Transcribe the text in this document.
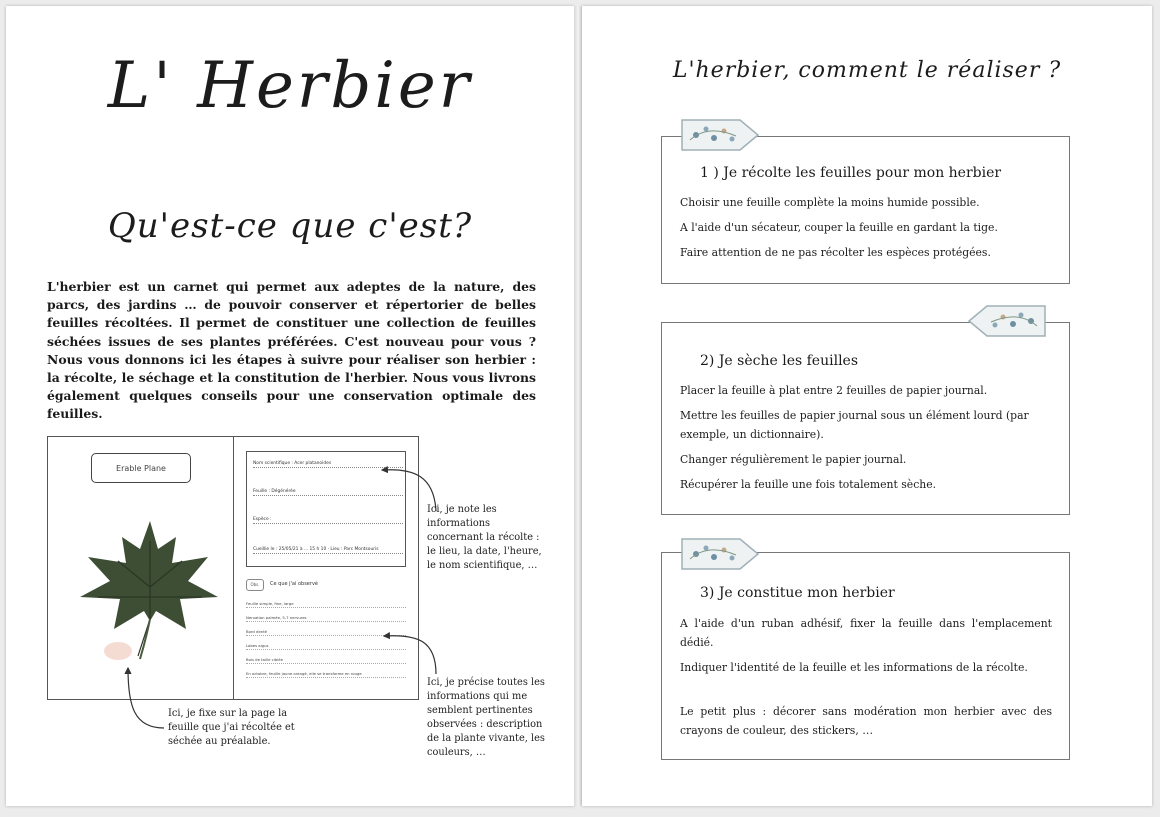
L' Herbier
Qu'est-ce que c'est?

L'herbier est un carnet qui permet aux adeptes de la nature, des parcs, des jardins … de pouvoir conserver et répertorier de belles feuilles récoltées. Il permet de constituer une collection de feuilles séchées issues de ses plantes préférées. C'est nouveau pour vous ? Nous vous donnons ici les étapes à suivre pour réaliser son herbier : la récolte, le séchage et la constitution de l'herbier. Nous vous livrons également quelques conseils pour une conservation optimale des feuilles.

Erable Plane	Nom scientifique : Acer platanoides
Feuille : Dégénérée
Espèce :
Cueillie le : 25/05/21 à ... 15 h 10 · Lieu : Parc Montsouris
Obs.	Ce que j'ai observé
Feuille simple, fine, large
Nervation palmée, 5-7 nervures
Bord denté
Lobes aigus
Bois de taille ciblée
En octobre, feuille jaune orangé, elle se transforme en rouge
Ici, je note les informations concernant la récolte : le lieu, la date, l'heure, le nom scientifique, …
Ici, je précise toutes les informations qui me semblent pertinentes observées : description de la plante vivante, les couleurs, …
Ici, je fixe sur la page la feuille que j'ai récoltée et séchée au préalable.
L'herbier, comment le réaliser ?
1 ) Je récolte les feuilles pour mon herbier
Choisir une feuille complète la moins humide possible.
A l'aide d'un sécateur, couper la feuille en gardant la tige.
Faire attention de ne pas récolter les espèces protégées.
2) Je sèche les feuilles
Placer la feuille à plat entre 2 feuilles de papier journal.
Mettre les feuilles de papier journal sous un élément lourd (par exemple, un dictionnaire).
Changer régulièrement le papier journal.
Récupérer la feuille une fois totalement sèche.
3) Je constitue mon herbier
A l'aide d'un ruban adhésif, fixer la feuille dans l'emplacement dédié.
Indiquer l'identité de la feuille et les informations de la récolte.
Le petit plus : décorer sans modération mon herbier avec des crayons de couleur, des stickers, …
